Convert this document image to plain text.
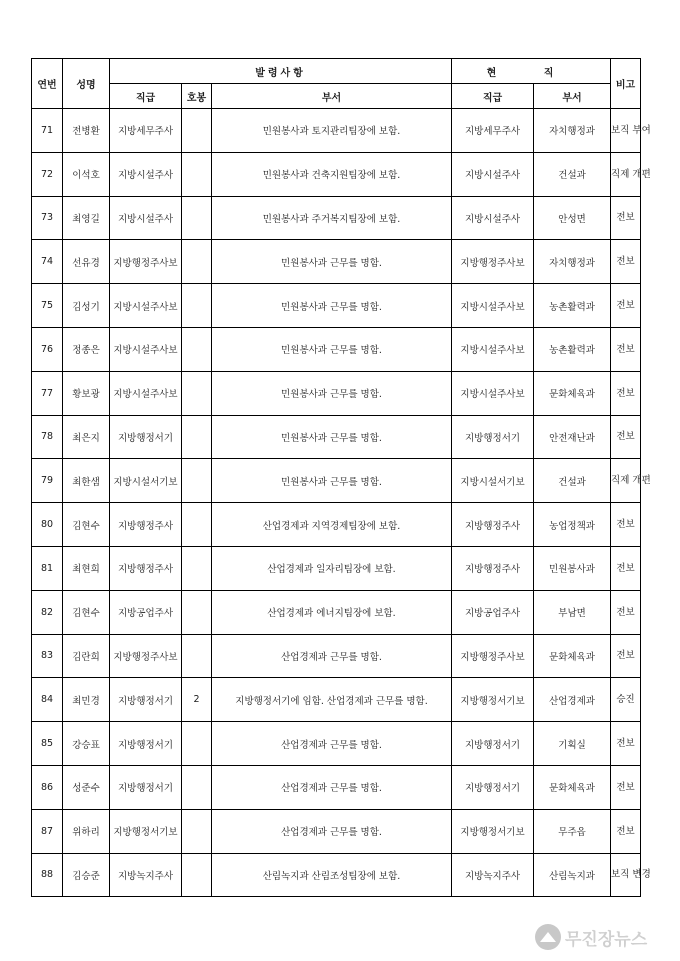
연번	성명	발령사항			현 직		비고
		직급	호봉	부서	직급	부서	
71	전병환	지방세무주사		민원봉사과 토지관리팀장에 보함.	지방세무주사	자치행정과	보직 부여
72	이석호	지방시설주사		민원봉사과 건축지원팀장에 보함.	지방시설주사	건설과	직제 개편
73	최영길	지방시설주사		민원봉사과 주거복지팀장에 보함.	지방시설주사	안성면	전보
74	선유경	지방행정주사보		민원봉사과 근무를 명함.	지방행정주사보	자치행정과	전보
75	김성기	지방시설주사보		민원봉사과 근무를 명함.	지방시설주사보	농촌활력과	전보
76	정종은	지방시설주사보		민원봉사과 근무를 명함.	지방시설주사보	농촌활력과	전보
77	황보광	지방시설주사보		민원봉사과 근무를 명함.	지방시설주사보	문화체육과	전보
78	최은지	지방행정서기		민원봉사과 근무를 명함.	지방행정서기	안전재난과	전보
79	최한샘	지방시설서기보		민원봉사과 근무를 명함.	지방시설서기보	건설과	직제 개편
80	김현수	지방행정주사		산업경제과 지역경제팀장에 보함.	지방행정주사	농업정책과	전보
81	최현희	지방행정주사		산업경제과 일자리팀장에 보함.	지방행정주사	민원봉사과	전보
82	김현수	지방공업주사		산업경제과 에너지팀장에 보함.	지방공업주사	부남면	전보
83	김란희	지방행정주사보		산업경제과 근무를 명함.	지방행정주사보	문화체육과	전보
84	최민경	지방행정서기	2	지방행정서기에 임함. 산업경제과 근무를 명함.	지방행정서기보	산업경제과	승진
85	강승표	지방행정서기		산업경제과 근무를 명함.	지방행정서기	기획실	전보
86	성준수	지방행정서기		산업경제과 근무를 명함.	지방행정서기	문화체육과	전보
87	위하리	지방행정서기보		산업경제과 근무를 명함.	지방행정서기보	무주읍	전보
88	김승준	지방녹지주사		산림녹지과 산림조성팀장에 보함.	지방녹지주사	산림녹지과	보직 변경
무진장뉴스
